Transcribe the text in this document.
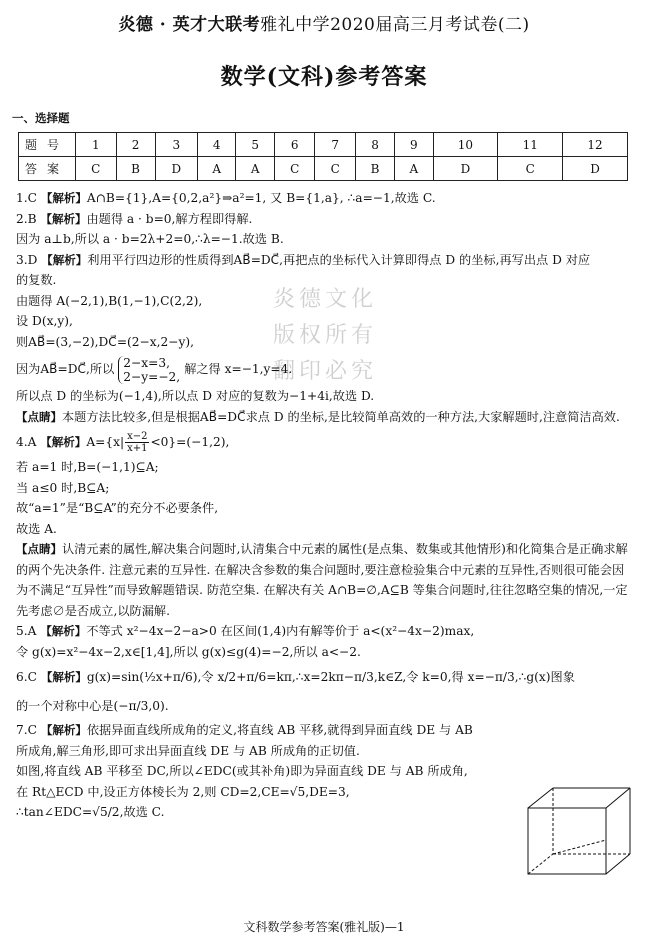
炎德 · 英才大联考雅礼中学2020届高三月考试卷(二)
数学(文科)参考答案
一、选择题
题号	1	2	3	4	5	6	7	8	9	10	11	12
答案	C	B	D	A	A	C	C	B	A	D	C	D
炎德文化
版权所有
翻印必究

1.C 【解析】A∩B={1},A={0,2,a²}⇒a²=1, 又 B={1,a}, ∴a=−1,故选 C.

2.B 【解析】由题得 a · b=0,解方程即得解.

因为 a⊥b,所以 a · b=2λ+2=0,∴λ=−1.故选 B.

3.D 【解析】利用平行四边形的性质得到AB⃗=DC⃗,再把点的坐标代入计算即得点 D 的坐标,再写出点 D 对应

的复数.

由题得 A(−2,1),B(1,−1),C(2,2),

设 D(x,y),

则AB⃗=(3,−2),DC⃗=(2−x,2−y),

因为AB⃗=DC⃗,所以 2−x=3,
2−y=−2,
解之得 x=−1,y=4.

所以点 D 的坐标为(−1,4),所以点 D 对应的复数为−1+4i,故选 D.

【点睛】本题方法比较多,但是根据AB⃗=DC⃗求点 D 的坐标,是比较简单高效的一种方法,大家解题时,注意简洁高效.

4.A 【解析】$A=\{x| \frac{x-2}{x+1} <0\}=(-1,2)$,

若 a=1 时,B=(−1,1)⊆A;

当 a≤0 时,B⊆A;

故“a=1”是“B⊆A”的充分不必要条件,

故选 A.

【点睛】认清元素的属性,解决集合问题时,认清集合中元素的属性(是点集、数集或其他情形)和化简集合是正确求解的两个先决条件. 注意元素的互异性. 在解决含参数的集合问题时,要注意检验集合中元素的互异性,否则很可能会因为不满足“互异性”而导致解题错误. 防范空集. 在解决有关 A∩B=∅,A⊆B 等集合问题时,往往忽略空集的情况,一定先考虑∅是否成立,以防漏解.

5.A 【解析】不等式 x²−4x−2−a>0 在区间(1,4)内有解等价于 a<(x²−4x−2)max,

令 g(x)=x²−4x−2,x∈[1,4],所以 g(x)≤g(4)=−2,所以 a<−2.

6.C 【解析】g(x)=sin(½x+π/6),令 x/2+π/6=kπ,∴x=2kπ−π/3,k∈Z,令 k=0,得 x=−π/3,∴g(x)图象

的一个对称中心是(−π/3,0).

7.C 【解析】依据异面直线所成角的定义,将直线 AB 平移,就得到异面直线 DE 与 AB

所成角,解三角形,即可求出异面直线 DE 与 AB 所成角的正切值.

如图,将直线 AB 平移至 DC,所以∠EDC(或其补角)即为异面直线 DE 与 AB 所成角,

在 Rt△ECD 中,设正方体棱长为 2,则 CD=2,CE=√5,DE=3,

∴tan∠EDC=√5/2,故选 C.

文科数学参考答案(雅礼版)—1
